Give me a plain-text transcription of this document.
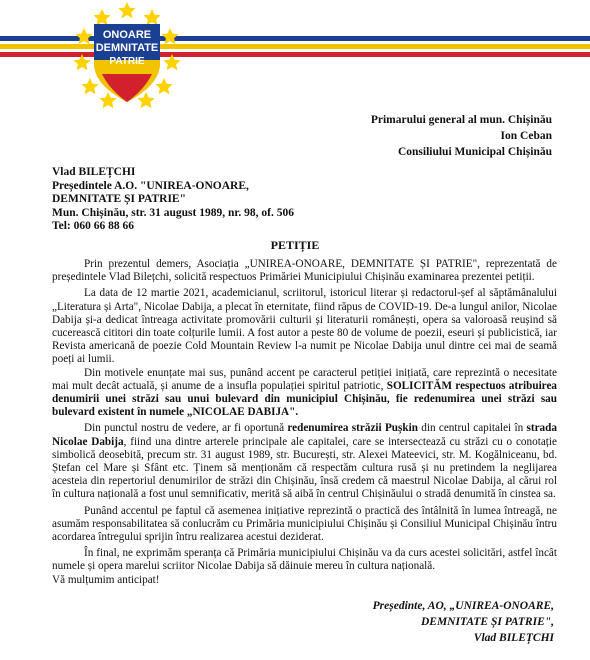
ONOARE
DEMNITATE
PATRIE
Primarului general al mun. Chișinău
Ion Ceban
Consiliului Municipal Chișinău
Vlad BILEȚCHI
Președintele A.O. "UNIREA-ONOARE,
DEMNITATE ȘI PATRIE"
Mun. Chișinău, str. 31 august 1989, nr. 98, of. 506
Tel: 060 66 88 66
PETIȚIE

Prin prezentul demers, Asociația „UNIREA-ONOARE, DEMNITATE ȘI PATRIE", reprezentată de președintele Vlad Bilețchi, solicită respectuos Primăriei Municipiului Chișinău examinarea prezentei petiții.

La data de 12 martie 2021, academicianul, scriitorul, istoricul literar și redactorul-șef al săptămânalului „Literatura și Arta", Nicolae Dabija, a plecat în eternitate, fiind răpus de COVID-19. De-a lungul anilor, Nicolae Dabija și-a dedicat întreaga activitate promovării culturii și literaturii românești, opera sa valoroasă reușind să cucerească cititori din toate colțurile lumii. A fost autor a peste 80 de volume de poezii, eseuri și publicistică, iar Revista americană de poezie Cold Mountain Review l-a numit pe Nicolae Dabija unul dintre cei mai de seamă poeți ai lumii.

Din motivele enunțate mai sus, punând accent pe caracterul petiției inițiată, care reprezintă o necesitate mai mult decât actuală, și anume de a insufla populației spiritul patriotic, SOLICITĂM respectuos atribuirea denumirii unei străzi sau unui bulevard din municipiul Chișinău, fie redenumirea unei străzi sau bulevard existent în numele „NICOLAE DABIJA".

Din punctul nostru de vedere, ar fi oportună redenumirea străzii Pușkin din centrul capitalei în strada Nicolae Dabija, fiind una dintre arterele principale ale capitalei, care se intersectează cu străzi cu o conotație simbolică deosebită, precum str. 31 august 1989, str. București, str. Alexei Mateevici, str. M. Kogălniceanu, bd. Ștefan cel Mare și Sfânt etc. Ținem să menționăm că respectăm cultura rusă și nu pretindem la neglijarea acesteia din repertoriul denumirilor de străzi din Chișinău, însă credem că maestrul Nicolae Dabija, al cărui rol în cultura națională a fost unul semnificativ, merită să aibă în centrul Chișinăului o stradă denumită în cinstea sa.

Punând accentul pe faptul că asemenea inițiative reprezintă o practică des întâlnită în lumea întreagă, ne asumăm responsabilitatea să conlucrăm cu Primăria municipiului Chișinău și Consiliul Municipal Chișinău întru acordarea întregului sprijin întru realizarea acestui deziderat.

În final, ne exprimăm speranța că Primăria municipiului Chișinău va da curs acestei solicitări, astfel încât numele și opera marelui scriitor Nicolae Dabija să dăinuie mereu în cultura națională.

Vă mulțumim anticipat!

Președinte, AO, „UNIREA-ONOARE,
DEMNITATE ȘI PATRIE",
Vlad BILEȚCHI
